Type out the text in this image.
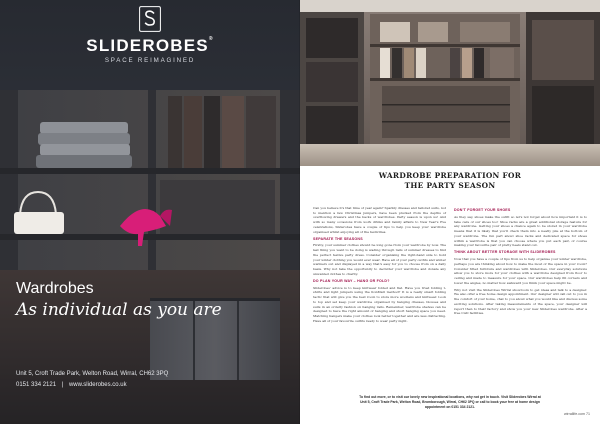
SLIDEROBES®
SPACE REIMAGINED
Wardrobes
As individual as you are
Unit 5, Croft Trade Park, Welton Road, Wirral, CH62 3PQ
0151 334 2121 | www.sliderobes.co.uk
WARDROBE PREPARATION FOR
THE PARTY SEASON

Can you believe it's that time of year again? Sparkly dresses and tailored suits, not to mention a few Christmas jumpers, have been plucked from the depths of overflowing drawers and the backs of wardrobes. Party season is upon us! And with so many occasions from work drinks and family affairs to New Year's Eve celebrations, Sliderobes have a couple of tips to help you keep your wardrobe organised whilst enjoying all of the festivities.

SEPARATE THE SEASONS

Firstly, your summer clothes should be long gone from your wardrobe by now. The last thing you want to be doing is wading through rails of summer dresses to find the perfect festive party dress. Consider organising the right-hand side to hold your winter clothing you would ever wear. Have all of your party outfits and winter warmers out and displayed in a way that's easy for you to choose from on a daily basis. Why not take the opportunity to declutter your wardrobe and donate any unwanted clothes to charity.

DO PLAN YOUR WAY – HANG OR FOLD?

Sliderobes' advice is to keep knitwear folded and flat. Have you tried folding t-shirts and light jumpers using the KonMari method? It is a really smart folding tactic that will give you the best room to store more woollens and knitwear. Look to top and set keep your wardrobe organised by hanging dresses, blouses and suits in an orderly fashion on hanging rails. Remember, wardrobe shelves can be designed to have the right amount of hanging and short hanging space you need. Matching hangers make your clothes look better together and are less distracting. Have all of your favourite outfits ready to wear party night.

DON'T FORGET YOUR SHOES

As they say, shoes make the outfit so let's not forget about how important it is to take care of our shoes too! Shoe racks are a great additional storage feature for any wardrobe. Getting your shoes a chance again to be stored in your wardrobe means that it is likely that you'll check them into a neatly pile at the bottom of your wardrobe. The fun part about shoe racks and dedicated space for shoes within a wardrobe is that you can choose where you put each pair, of course making your favourite pair of pretty heels stand out.

THINK ABOUT BETTER STORAGE WITH SLIDEROBES

Now that you have a couple of tips from us to help organise your winter wardrobe, perhaps you are thinking about how to make the most of the space in your room? Consider fitted furniture and wardrobes with Sliderobes. Our everyday solutions allow you to store more for your clothes with a wardrobe designed from floor to ceiling and made to measure for your space. Our wardrobes help fill corners and lower the angles, no matter how awkward you think your space might be.

Why not visit the Sliderobes Wirral showroom to get ideas and talk to a designer. We also offer a free home design appointment. Our designer will call out to you in the comfort of your home, chat to you about what you would like and discuss some exciting solutions. After taking measurements of the space, your designer will report then to their factory and show you your new Sliderobes wardrobe. After a free CAD facilities.

To find out more, or to visit our lovely new inspirational locations, why not get in touch. Visit Sliderobes Wirral at Unit 5, Croft Trade Park, Welton Road, Bromborough, Wirral, CH62 3PQ or call to book your free at home design appointment on 0151 334 2121.
wirrallife.com 71
